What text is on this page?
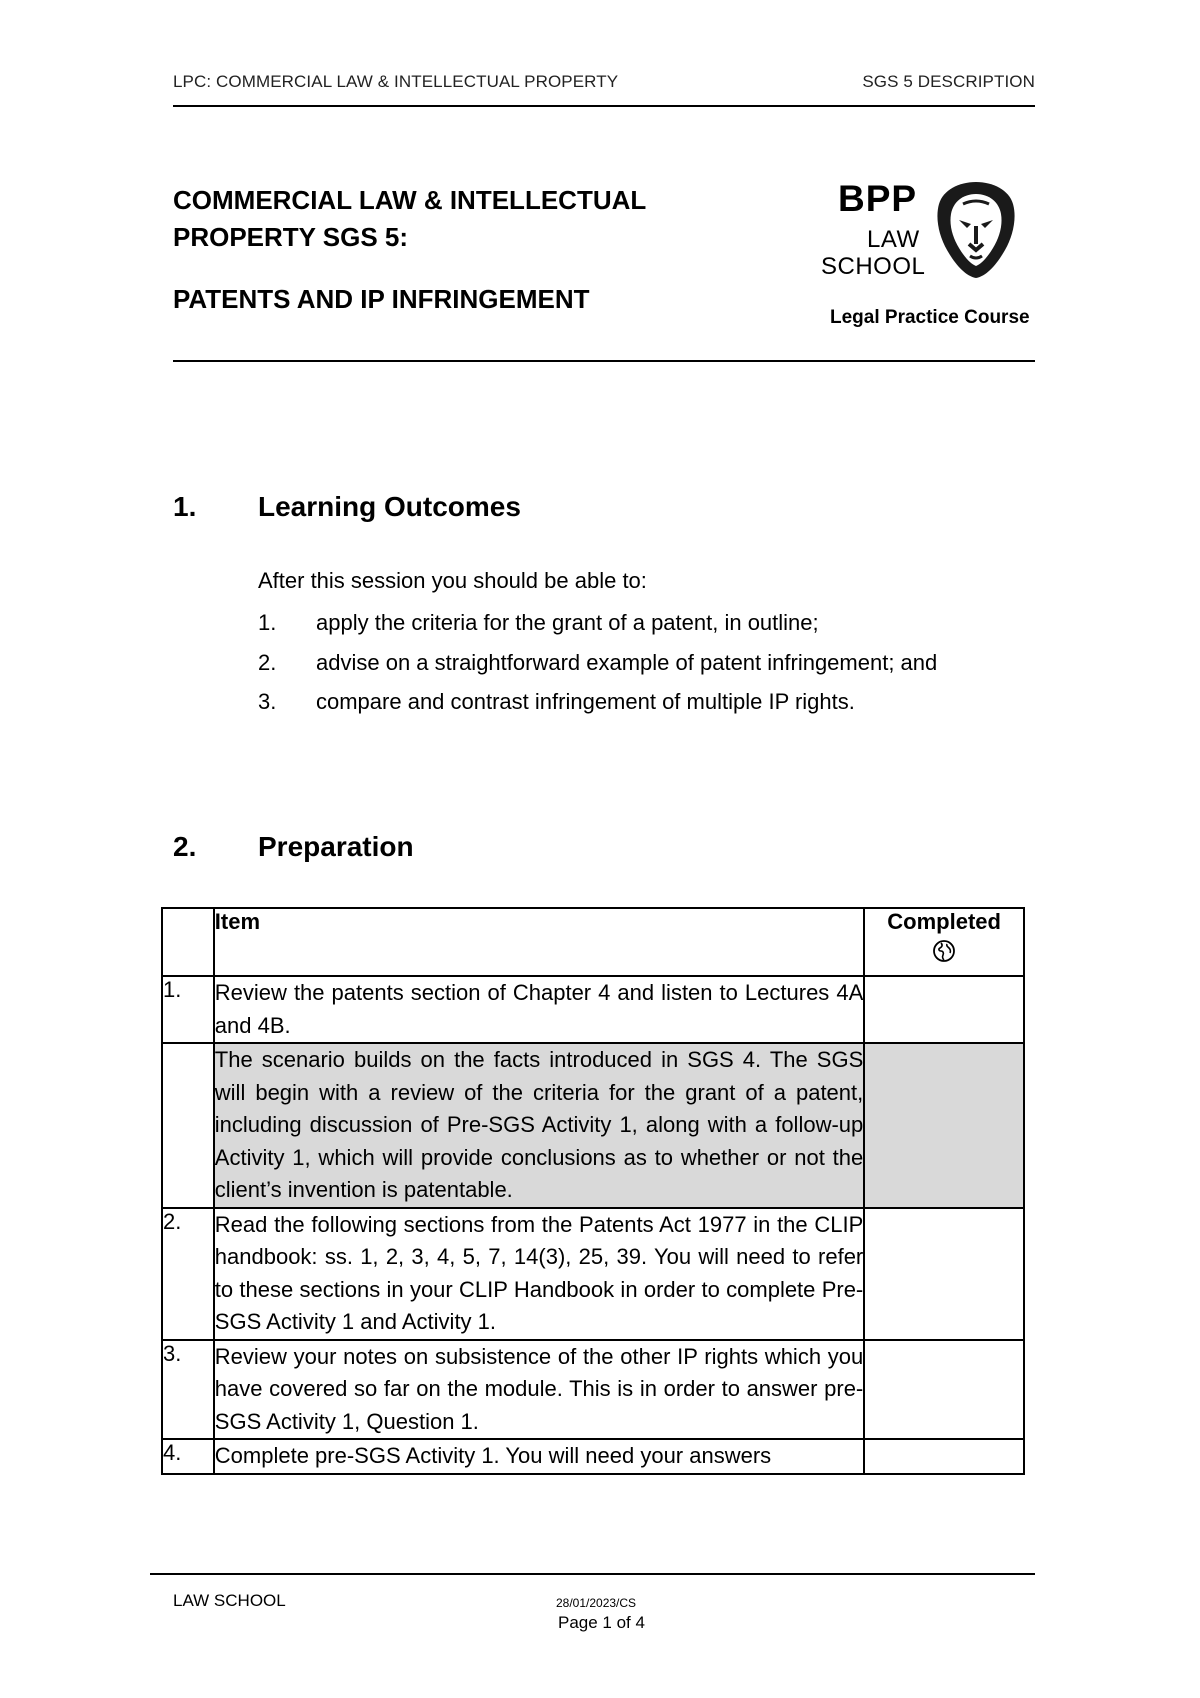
LPC: COMMERCIAL LAW & INTELLECTUAL PROPERTY	SGS 5 DESCRIPTION
COMMERCIAL LAW & INTELLECTUAL
PROPERTY SGS 5:
PATENTS AND IP INFRINGEMENT
BPP
LAW
SCHOOL
Legal Practice Course
1. Learning Outcomes
After this session you should be able to:
1.	apply the criteria for the grant of a patent, in outline;
2.	advise on a straightforward example of patent infringement; and
3.	compare and contrast infringement of multiple IP rights.
2. Preparation
	Item	Completed

1.	Review the patents section of Chapter 4 and listen to Lectures 4A and 4B.	
	The scenario builds on the facts introduced in SGS 4. The SGS will begin with a review of the criteria for the grant of a patent, including discussion of Pre-SGS Activity 1, along with a follow-up Activity 1, which will provide conclusions as to whether or not the client’s invention is patentable.	
2.	Read the following sections from the Patents Act 1977 in the CLIP handbook: ss. 1, 2, 3, 4, 5, 7, 14(3), 25, 39. You will need to refer to these sections in your CLIP Handbook in order to complete Pre-SGS Activity 1 and Activity 1.	
3.	Review your notes on subsistence of the other IP rights which you have covered so far on the module. This is in order to answer pre-SGS Activity 1, Question 1.	
4.	Complete pre-SGS Activity 1. You will need your answers	
LAW SCHOOL	28/01/2023/CS
Page 1 of 4
